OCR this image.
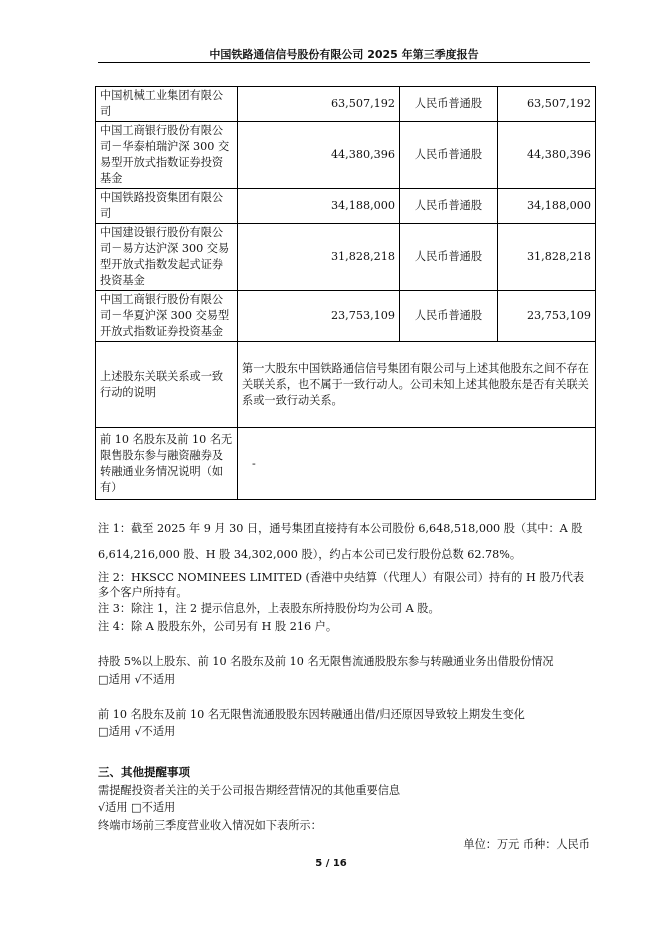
中国铁路通信信号股份有限公司 2025 年第三季度报告
中国机械工业集团有限公司	63,507,192	人民币普通股	63,507,192
中国工商银行股份有限公司－华泰柏瑞沪深 300 交易型开放式指数证券投资基金	44,380,396	人民币普通股	44,380,396
中国铁路投资集团有限公司	34,188,000	人民币普通股	34,188,000
中国建设银行股份有限公司－易方达沪深 300 交易型开放式指数发起式证券投资基金	31,828,218	人民币普通股	31,828,218
中国工商银行股份有限公司－华夏沪深 300 交易型开放式指数证券投资基金	23,753,109	人民币普通股	23,753,109
上述股东关联关系或一致行动的说明	第一大股东中国铁路通信信号集团有限公司与上述其他股东之间不存在关联关系，也不属于一致行动人。公司未知上述其他股东是否有关联关系或一致行动关系。		
前 10 名股东及前 10 名无限售股东参与融资融券及转融通业务情况说明（如有）	-		
注 1：截至 2025 年 9 月 30 日，通号集团直接持有本公司股份 6,648,518,000 股（其中：A 股 6,614,216,000 股、H 股 34,302,000 股），约占本公司已发行股份总数 62.78%。
注 2：HKSCC NOMINEES LIMITED (香港中央结算（代理人）有限公司）持有的 H 股乃代表多个客户所持有。
注 3：除注 1，注 2 提示信息外，上表股东所持股份均为公司 A 股。
注 4：除 A 股股东外，公司另有 H 股 216 户。
持股 5%以上股东、前 10 名股东及前 10 名无限售流通股股东参与转融通业务出借股份情况
□适用 √不适用
前 10 名股东及前 10 名无限售流通股股东因转融通出借/归还原因导致较上期发生变化
□适用 √不适用
三、其他提醒事项
需提醒投资者关注的关于公司报告期经营情况的其他重要信息
√适用 □不适用
终端市场前三季度营业收入情况如下表所示：
单位：万元 币种：人民币
5 / 16
